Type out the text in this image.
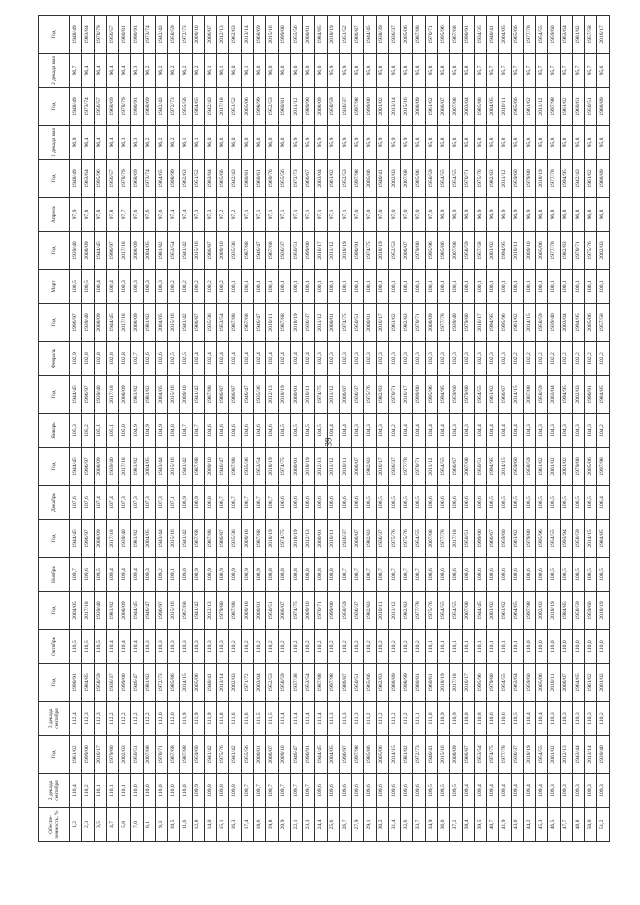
39
Обеспе-ченность, %	2 декада сентября	Год	3 декада сентября	Год	Октябрь	Год	Ноябрь	Год	Декабрь	Год	Январь	Год	Февраль	Год	Март	Год	Апрель	Год	1 декада мая	Год	2 декада мая	Год
1,2	110,4	1961/62	112,4	1990/91	110,5	2004/05	109,7	1944/45	107,6	1944/45	105,3	1944/45	102,9	1996/97	100,5	1939/40	97,9	1948/49	96,9	1948/49	96,7	1948/49
2,3	110,2	1999/00	112,3	1984/85	110,5	2017/18	109,6	1996/97	107,6	1996/97	105,2	1996/97	102,8	1939/40	100,5	2008/09	97,8	1963/64	96,4	1973/74	96,4	1983/84
3,5	110,1	2016/17	112,3	1958/59	110,5	1939/40	109,5	2008/09	107,4	2008/09	105,1	1939/40	102,8	2008/09	100,4	1944/45	97,8	1995/96	96,4	1956/57	96,4	1978/79
4,7	110,1	1979/80	112,2	1936/37	110,4	1981/82	109,4	2017/18	107,4	1939/40	105,1	2017/18	102,8	1944/45	100,4	1996/97	97,8	1956/57	96,4	1968/69	96,4	1956/57
5,8	110,1	2002/03	112,2	1999/00	110,4	2008/09	109,4	1939/40	107,3	2017/18	105,0	2008/09	102,8	2017/18	100,3	2017/18	97,7	1978/79	96,3	1978/79	96,4	1980/81
7,0	110,0	1950/51	112,2	1946/47	110,4	1944/45	109,4	1981/82	107,3	1981/82	104,9	1981/82	102,7	2008/09	100,3	2008/09	97,6	1968/69	96,3	1990/91	96,3	1990/91
8,1	110,0	2007/08	112,2	1981/82	110,3	1946/47	109,3	2004/05	107,3	2004/05	104,9	1981/82	102,6	1981/82	100,3	2004/05	97,6	1973/74	96,2	1968/69	96,2	1973/74
9,3	110,0	1970/71	112,0	1972/73	110,3	1996/97	109,2	1943/44	107,3	1943/44	104,9	2004/05	102,6	2004/05	100,3	1981/82	97,6	1964/65	96,2	1942/43	96,2	1942/43
10,5	110,0	1967/68	112,0	1985/86	110,3	2015/16	109,1	2015/16	107,1	2015/16	104,8	2015/16	102,5	2015/16	100,2	1953/54	97,4	1998/99	96,2	1972/73	96,2	1958/59
11,6	110,0	1987/88	111,9	2014/15	110,3	1967/68	109,0	1941/42	106,9	1941/42	104,7	2009/10	102,5	1941/42	100,2	1941/42	97,4	1962/63	96,1	1955/56	96,2	1972/73
12,8	109,9	1959/60	111,9	2005/06	110,3	1941/42	108,9	1967/68	106,9	1987/88	104,7	1941/42	102,4	1986/87	100,2	2015/16	97,3	1951/52	96,1	1964/65	96,2	2009/10
14,0	109,8	1941/42	111,9	1940/41	110,3	2012/13	108,9	1987/88	106,8	2009/10	104,6	1987/88	102,4	1935/36	100,2	1986/87	97,3	1983/84	96,0	1942/43	96,1	2006/07
15,1	109,8	1975/76	111,8	2013/14	110,3	1979/80	108,9	1986/87	106,7	1946/47	104,6	1986/87	102,4	1953/54	100,2	2009/10	97,2	1965/66	96,0	2017/18	96,1	2012/13
16,3	109,8	1941/42	111,6	2002/03	110,2	1987/88	108,9	1935/36	106,7	1987/88	104,6	1986/87	102,4	1987/88	100,1	1935/36	97,2	1942/43	96,0	1951/52	96,0	1962/63
17,4	109,7	1955/56	111,6	1971/72	110,2	2009/10	108,9	2009/10	106,7	1935/36	104,6	1946/47	102,4	1967/68	100,1	1987/88	97,1	1980/81	96,0	2005/06	96,1	2013/14
18,6	109,7	2000/01	111,5	2003/04	110,2	2000/01	108,9	1987/88	106,7	1953/54	104,6	1935/36	102,4	1946/47	100,1	1946/47	97,1	1960/61	96,0	1998/99	96,0	1968/69
19,8	109,7	2006/07	111,5	1952/53	110,2	1950/51	108,8	2018/19	106,7	2018/19	104,6	2012/13	102,4	2010/11	100,1	1967/68	97,1	1969/70	96,0	1952/53	96,0	2015/16
20,9	109,7	2009/10	111,4	1958/59	110,2	2006/07	108,8	1974/75	106,6	1974/75	104,5	2018/19	102,4	1987/88	100,1	1936/37	97,1	1955/56	96,0	1980/81	96,0	1999/00
22,1	109,7	1946/47	111,4	1937/38	110,2	1974/75	108,8	2018/19	106,6	2000/01	104,5	2000/01	102,4	2018/19	100,1	1950/51	97,1	1972/73	95,9	2011/12	96,0	1955/56
23,3	109,7	1990/91	111,4	1953/54	110,2	2009/10	108,8	2012/13	106,6	2018/19	104,5	2010/11	102,4	1936/37	100,1	1999/00	97,1	1966/67	95,9	1989/90	96,0	2000/01
24,4	109,6	1944/45	111,4	1987/88	110,2	1970/71	108,8	2000/01	106,6	2012/13	104,5	1974/75	102,3	2011/12	100,1	2016/17	97,1	2003/04	95,9	2008/09	96,0	1984/85
25,6	109,6	2004/05	111,3	1997/98	110,2	1999/00	108,8	2010/11	106,6	2011/12	104,4	2011/12	102,3	2000/01	100,1	2011/12	97,1	1961/62	95,9	1958/59	95,9	2018/19
26,7	109,6	1996/97	111,3	1986/87	110,2	1958/59	108,7	1936/37	106,6	2010/11	104,4	2006/07	102,3	1974/75	100,1	2018/19	97,1	1952/53	95,9	1936/37	95,9	1951/52
27,9	109,6	1997/98	111,3	1950/51	110,2	1936/37	108,7	2006/07	106,6	2006/07	104,3	1936/37	102,3	1950/51	100,1	1990/91	97,0	1997/98	95,9	1997/98	95,8	1986/87
29,1	109,6	1985/86	111,2	1965/66	110,2	1982/83	108,7	1982/83	106,5	1982/83	104,3	1975/76	102,3	2000/01	100,1	1974/75	97,0	2005/06	95,9	1999/00	95,8	1944/45
30,2	109,6	2005/06	111,2	1962/63	110,2	2010/11	108,7	1936/37	106,5	2016/17	104,3	1982/83	102,3	2016/17	100,1	2018/19	97,0	1940/41	95,9	2001/02	95,8	1938/39
31,4	109,6	2014/15	111,2	1988/89	110,2	2011/12	108,7	1975/76	106,5	1936/37	104,2	1970/71	102,3	1961/62	100,1	1952/53	97,0	2002/03	95,9	2013/14	95,8	1936/37
32,6	109,6	1981/82	111,2	1998/99	110,2	1982/83	108,7	1975/76	106,5	1977/78	104,4	2016/17	102,3	1982/83	100,1	2006/07	97,0	2007/08	95,9	2015/16	95,8	2005/06
33,7	109,6	1972/73	111,1	1980/81	110,2	1977/78	108,7	1954/55	106,5	1970/71	104,4	1999/00	102,3	1970/71	100,1	1979/80	97,0	1985/86	95,8	2008/09	95,8	1987/88
34,9	109,5	1940/41	111,0	1960/61	110,1	1975/76	108,6	2007/08	106,6	2011/12	104,4	1995/96	102,3	2008/09	100,1	1995/96	97,0	1958/59	95,8	1961/62	95,8	1970/71
36,0	109,5	2015/16	110,9	2018/19	110,1	1954/55	108,6	1977/78	106,6	1954/55	104,4	1994/95	102,3	1977/78	100,1	1985/86	96,9	1954/55	95,8	2006/07	95,8	1995/96
37,2	109,5	2008/09	110,9	2017/18	110,1	1954/55	108,6	2017/18	106,6	1966/67	104,3	1959/60	102,3	1939/40	100,1	2007/08	96,9	1954/55	95,8	2007/08	95,8	1967/68
38,4	109,4	1986/87	110,8	2016/17	110,1	2007/08	108,6	1950/51	106,6	2007/08	104,3	1979/80	102,3	1979/80	100,1	1958/59	96,9	1970/71	95,8	2003/04	95,8	1990/91
39,5	109,4	1953/54	110,8	1995/96	110,1	1944/45	108,6	1999/00	106,6	1950/51	104,4	1954/55	102,3	2016/17	100,1	1957/58	96,9	1975/76	95,8	1985/86	95,7	1934/35
40,7	109,4	1974/75	110,6	1979/80	110,1	2001/02	108,6	1966/67	106,5	1994/95	104,4	1961/62	102,3	1994/95	100,1	2001/02	96,9	1982/83	95,8	2004/05	95,7	1940/41
41,9	109,4	1977/78	110,6	1954/55	110,1	1961/62	108,6	1959/60	106,5	2014/15	104,4	1966/67	102,3	1995/96	100,1	1994/95	96,9	2011/12	95,8	2010/11	95,7	2004/05
43,0	109,4	1936/37	110,5	1963/64	110,1	1964/65	108,6	1961/62	106,5	1959/60	104,4	2014/15	102,2	1961/62	100,1	2010/11	96,9	1959/60	95,8	1965/66	95,7	1965/66
44,2	109,4	2018/19	110,4	1959/60	110,0	1997/98	108,6	1979/80	106,5	1958/59	104,3	2007/08	102,2	2014/15	100,1	2009/10	96,9	1979/80	95,8	1961/62	95,7	1977/78
45,3	109,4	1954/55	110,4	2005/06	110,0	2002/03	108,6	1995/96	106,5	1961/62	104,3	1958/59	102,2	1958/59	100,1	2005/06	96,8	2018/19	95,8	2011/12	95,7	1954/55
46,5	109,3	2001/02	110,3	2010/11	110,0	2018/19	108,5	1954/55	106,5	2001/02	104,3	2003/04	102,2	1939/40	100,1	1977/78	96,8	1977/78	95,8	1997/98	95,7	1959/60
47,7	109,3	2012/13	110,3	2006/07	110,0	1984/85	108,5	1993/94	106,5	2001/02	104,3	1994/95	102,2	2003/04	100,1	1982/83	96,8	1994/95	95,8	1961/62	95,7	1963/64
48,8	109,3	1943/44	110,3	1964/65	110,0	1958/59	108,5	1958/59	106,5	1979/80	104,3	2002/03	102,2	1994/95	100,1	1970/71	96,8	1942/43	95,8	1960/61	95,7	1981/82
50,0	109,3	2013/14	110,3	1961/62	110,0	1959/60	108,5	2014/15	106,5	2005/06	104,3	1990/91	102,2	2005/06	100,1	1975/76	96,8	1961/62	95,8	1950/51	95,7	1957/58
51,2	109,3	1939/40	110,2	2001/02	110,0	2018/19	108,5	1984/85	106,4	1997/98	104,2	1984/85	102,2	1957/58	100,1	2002/03	96,8	1988/89	95,8	1988/89	95,6	2016/17
